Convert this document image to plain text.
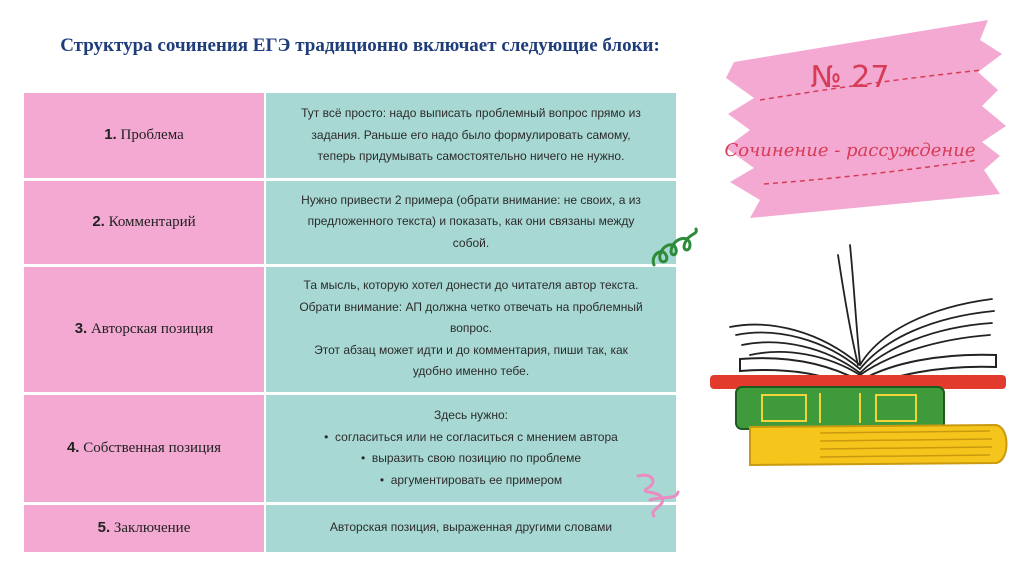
Структура сочинения ЕГЭ традиционно включает следующие блоки:
1. Проблема	Тут всё просто: надо выписать проблемный вопрос прямо из задания. Раньше его надо было формулировать самому, теперь придумывать самостоятельно ничего не нужно.
2. Комментарий	Нужно привести 2 примера (обрати внимание: не своих, а из предложенного текста) и показать, как они связаны между собой.
3. Авторская позиция	Та мысль, которую хотел донести до читателя автор текста.
Обрати внимание: АП должна четко отвечать на проблемный вопрос.
Этот абзац может идти и до комментария, пиши так, как удобно именно тебе.

4. Собственная позиция	Здесь нужно:
• согласиться или не согласиться с мнением автора
• выразить свою позицию по проблеме
• аргументировать ее примером

5. Заключение	Авторская позиция, выраженная другими словами
№ 27
Сочинение - рассуждение
